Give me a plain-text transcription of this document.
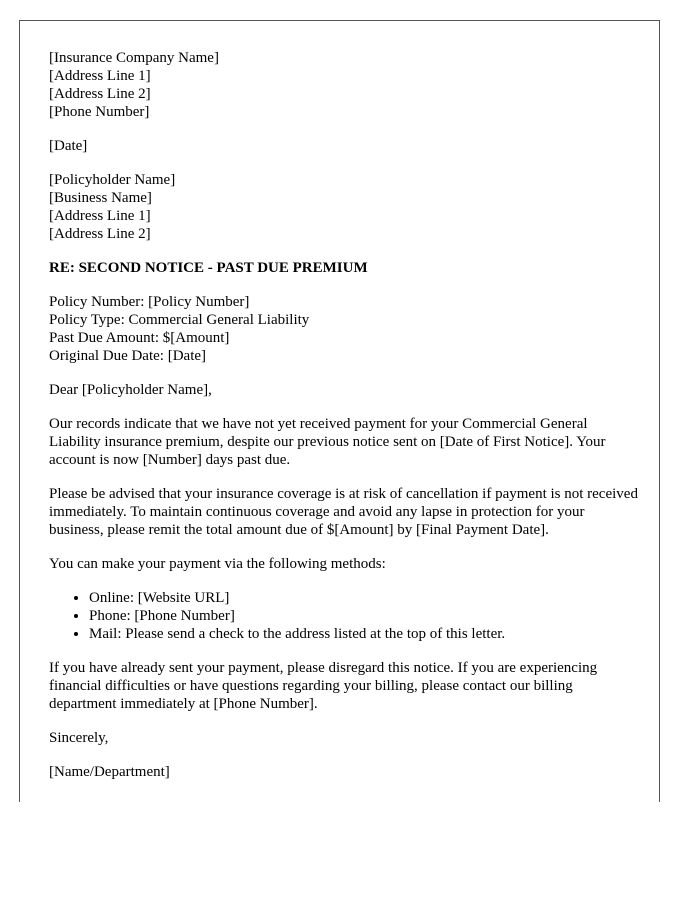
[Insurance Company Name]
[Address Line 1]
[Address Line 2]
[Phone Number]
[Date]
[Policyholder Name]
[Business Name]
[Address Line 1]
[Address Line 2]

RE: SECOND NOTICE - PAST DUE PREMIUM

Policy Number: [Policy Number]
Policy Type: Commercial General Liability
Past Due Amount: $[Amount]
Original Due Date: [Date]

Dear [Policyholder Name],

Our records indicate that we have not yet received payment for your Commercial General Liability insurance premium, despite our previous notice sent on [Date of First Notice]. Your account is now [Number] days past due.

Please be advised that your insurance coverage is at risk of cancellation if payment is not received immediately. To maintain continuous coverage and avoid any lapse in protection for your business, please remit the total amount due of $[Amount] by [Final Payment Date].

You can make your payment via the following methods:

• Online: [Website URL]
• Phone: [Phone Number]
• Mail: Please send a check to the address listed at the top of this letter.

If you have already sent your payment, please disregard this notice. If you are experiencing financial difficulties or have questions regarding your billing, please contact our billing department immediately at [Phone Number].

Sincerely,

[Name/Department]
